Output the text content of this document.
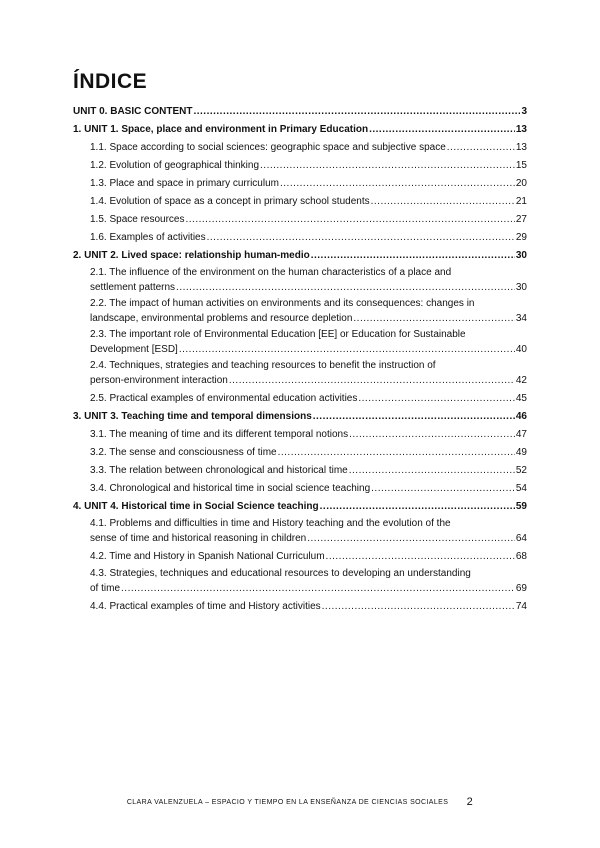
ÍNDICE
UNIT 0. BASIC CONTENT .....	3
1. UNIT 1. Space, place and environment in Primary Education .....	13
1.1. Space according to social sciences: geographic space and subjective space .....	13
1.2. Evolution of geographical thinking .....	15
1.3. Place and space in primary curriculum .....	20
1.4. Evolution of space as a concept in primary school students .....	21
1.5. Space resources .....	27
1.6. Examples of activities .....	29
2. UNIT 2. Lived space: relationship human-medio .....	30
2.1. The influence of the environment on the human characteristics of a place and
settlement patterns .....	30
2.2. The impact of human activities on environments and its consequences: changes in
landscape, environmental problems and resource depletion .....	34
2.3. The important role of Environmental Education [EE] or Education for Sustainable
Development [ESD] .....	40
2.4. Techniques, strategies and teaching resources to benefit the instruction of
person-environment interaction .....	42
2.5. Practical examples of environmental education activities .....	45
3. UNIT 3. Teaching time and temporal dimensions .....	46
3.1. The meaning of time and its different temporal notions .....	47
3.2. The sense and consciousness of time .....	49
3.3. The relation between chronological and historical time .....	52
3.4. Chronological and historical time in social science teaching .....	54
4. UNIT 4. Historical time in Social Science teaching .....	59
4.1. Problems and difficulties in time and History teaching and the evolution of the
sense of time and historical reasoning in children .....	64
4.2. Time and History in Spanish National Curriculum .....	68
4.3. Strategies, techniques and educational resources to developing an understanding
of time .....	69
4.4. Practical examples of time and History activities .....	74
CLARA VALENZUELA – ESPACIO Y TIEMPO EN LA ENSEÑANZA DE CIENCIAS SOCIALES 2
